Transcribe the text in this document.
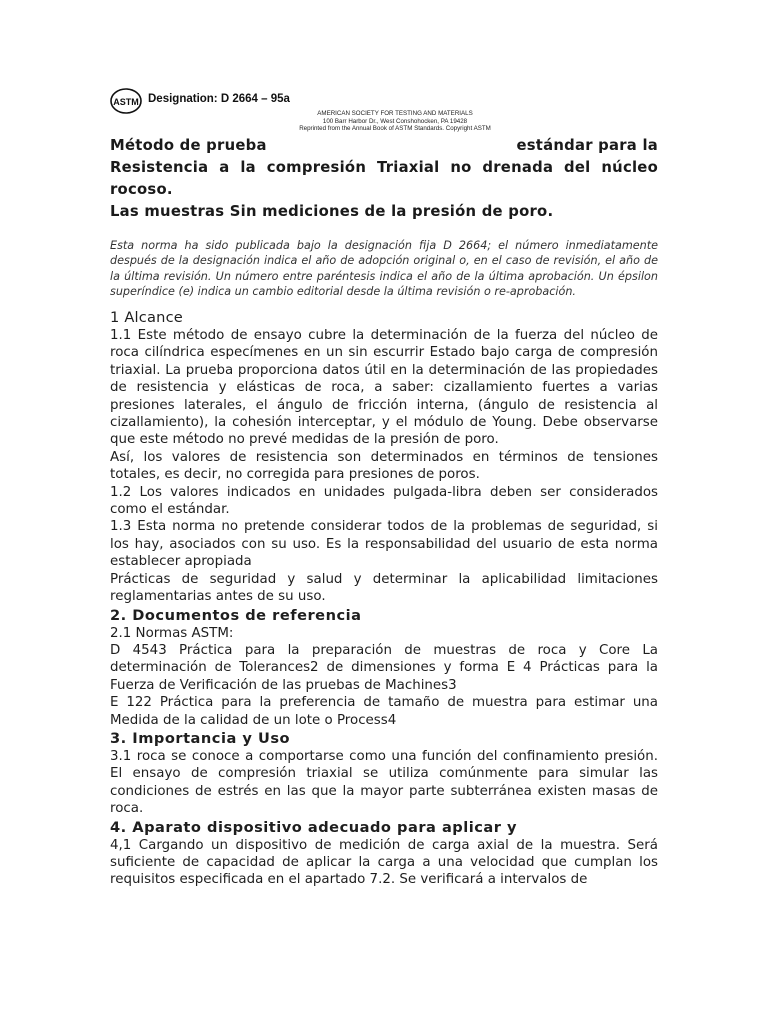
ASTM Designation: D 2664 – 95a
AMERICAN SOCIETY FOR TESTING AND MATERIALS
100 Barr Harbor Dr., West Conshohocken, PA 19428
Reprinted from the Annual Book of ASTM Standards. Copyright ASTM
Método de prueba	estándar para la
Resistencia a la compresión Triaxial no drenada del núcleo
rocoso.
Las muestras Sin mediciones de la presión de poro.
Esta norma ha sido publicada bajo la designación fija D 2664; el número inmediatamente después de la designación indica el año de adopción original o, en el caso de revisión, el año de la última revisión. Un número entre paréntesis indica el año de la última aprobación. Un épsilon superíndice (e) indica un cambio editorial desde la última revisión o re-aprobación.
1 Alcance

1.1 Este método de ensayo cubre la determinación de la fuerza del núcleo de roca cilíndrica especímenes en un sin escurrir Estado bajo carga de compresión triaxial. La prueba proporciona datos útil en la determinación de las propiedades de resistencia y elásticas de roca, a saber: cizallamiento fuertes a varias presiones laterales, el ángulo de fricción interna, (ángulo de resistencia al cizallamiento), la cohesión interceptar, y el módulo de Young. Debe observarse que este método no prevé medidas de la presión de poro.

Así, los valores de resistencia son determinados en términos de tensiones totales, es decir, no corregida para presiones de poros.

1.2 Los valores indicados en unidades pulgada-libra deben ser considerados como el estándar.

1.3 Esta norma no pretende considerar todos de la problemas de seguridad, si los hay, asociados con su uso. Es la responsabilidad del usuario de esta norma establecer apropiada

Prácticas de seguridad y salud y determinar la aplicabilidad limitaciones reglamentarias antes de su uso.

2. Documentos de referencia

2.1 Normas ASTM:

D 4543 Práctica para la preparación de muestras de roca y Core La determinación de Tolerances2 de dimensiones y forma E 4 Prácticas para la Fuerza de Verificación de las pruebas de Machines3

E 122 Práctica para la preferencia de tamaño de muestra para estimar una Medida de la calidad de un lote o Process4

3. Importancia y Uso

3.1 roca se conoce a comportarse como una función del confinamiento presión. El ensayo de compresión triaxial se utiliza comúnmente para simular las condiciones de estrés en las que la mayor parte subterránea existen masas de roca.

4. Aparato dispositivo adecuado para aplicar y

4,1 Cargando un dispositivo de medición de carga axial de la muestra. Será suficiente de capacidad de aplicar la carga a una velocidad que cumplan los requisitos especificada en el apartado 7.2. Se verificará a intervalos de
